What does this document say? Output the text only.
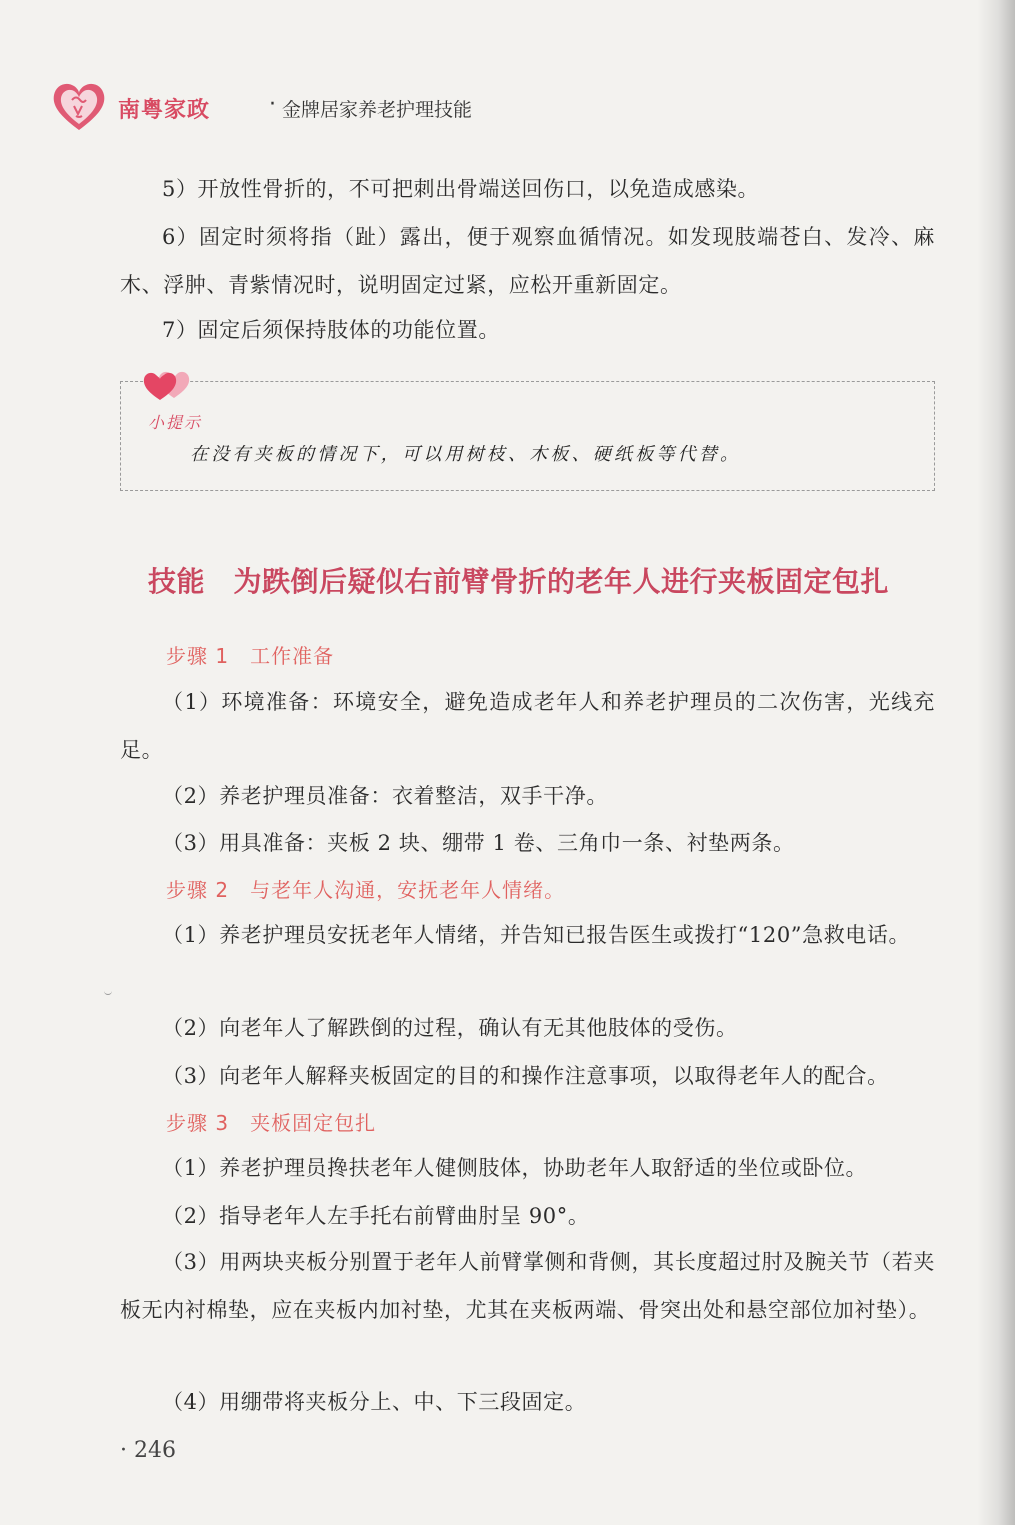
南粤家政	· 金牌居家养老护理技能
5）开放性骨折的，不可把刺出骨端送回伤口，以免造成感染。
6）固定时须将指（趾）露出，便于观察血循情况。如发现肢端苍白、发冷、麻木、浮肿、青紫情况时，说明固定过紧，应松开重新固定。
7）固定后须保持肢体的功能位置。
小提示
在没有夹板的情况下，可以用树枝、木板、硬纸板等代替。
技能　为跌倒后疑似右前臂骨折的老年人进行夹板固定包扎
步骤 1　工作准备
（1）环境准备：环境安全，避免造成老年人和养老护理员的二次伤害，光线充足。
（2）养老护理员准备：衣着整洁，双手干净。
（3）用具准备：夹板 2 块、绷带 1 卷、三角巾一条、衬垫两条。
步骤 2　与老年人沟通，安抚老年人情绪。
（1）养老护理员安抚老年人情绪，并告知已报告医生或拨打“120”急救电话。
（2）向老年人了解跌倒的过程，确认有无其他肢体的受伤。
（3）向老年人解释夹板固定的目的和操作注意事项，以取得老年人的配合。
步骤 3　夹板固定包扎
（1）养老护理员搀扶老年人健侧肢体，协助老年人取舒适的坐位或卧位。
（2）指导老年人左手托右前臂曲肘呈 90°。
（3）用两块夹板分别置于老年人前臂掌侧和背侧，其长度超过肘及腕关节（若夹板无内衬棉垫，应在夹板内加衬垫，尤其在夹板两端、骨突出处和悬空部位加衬垫）。
（4）用绷带将夹板分上、中、下三段固定。
· 246
